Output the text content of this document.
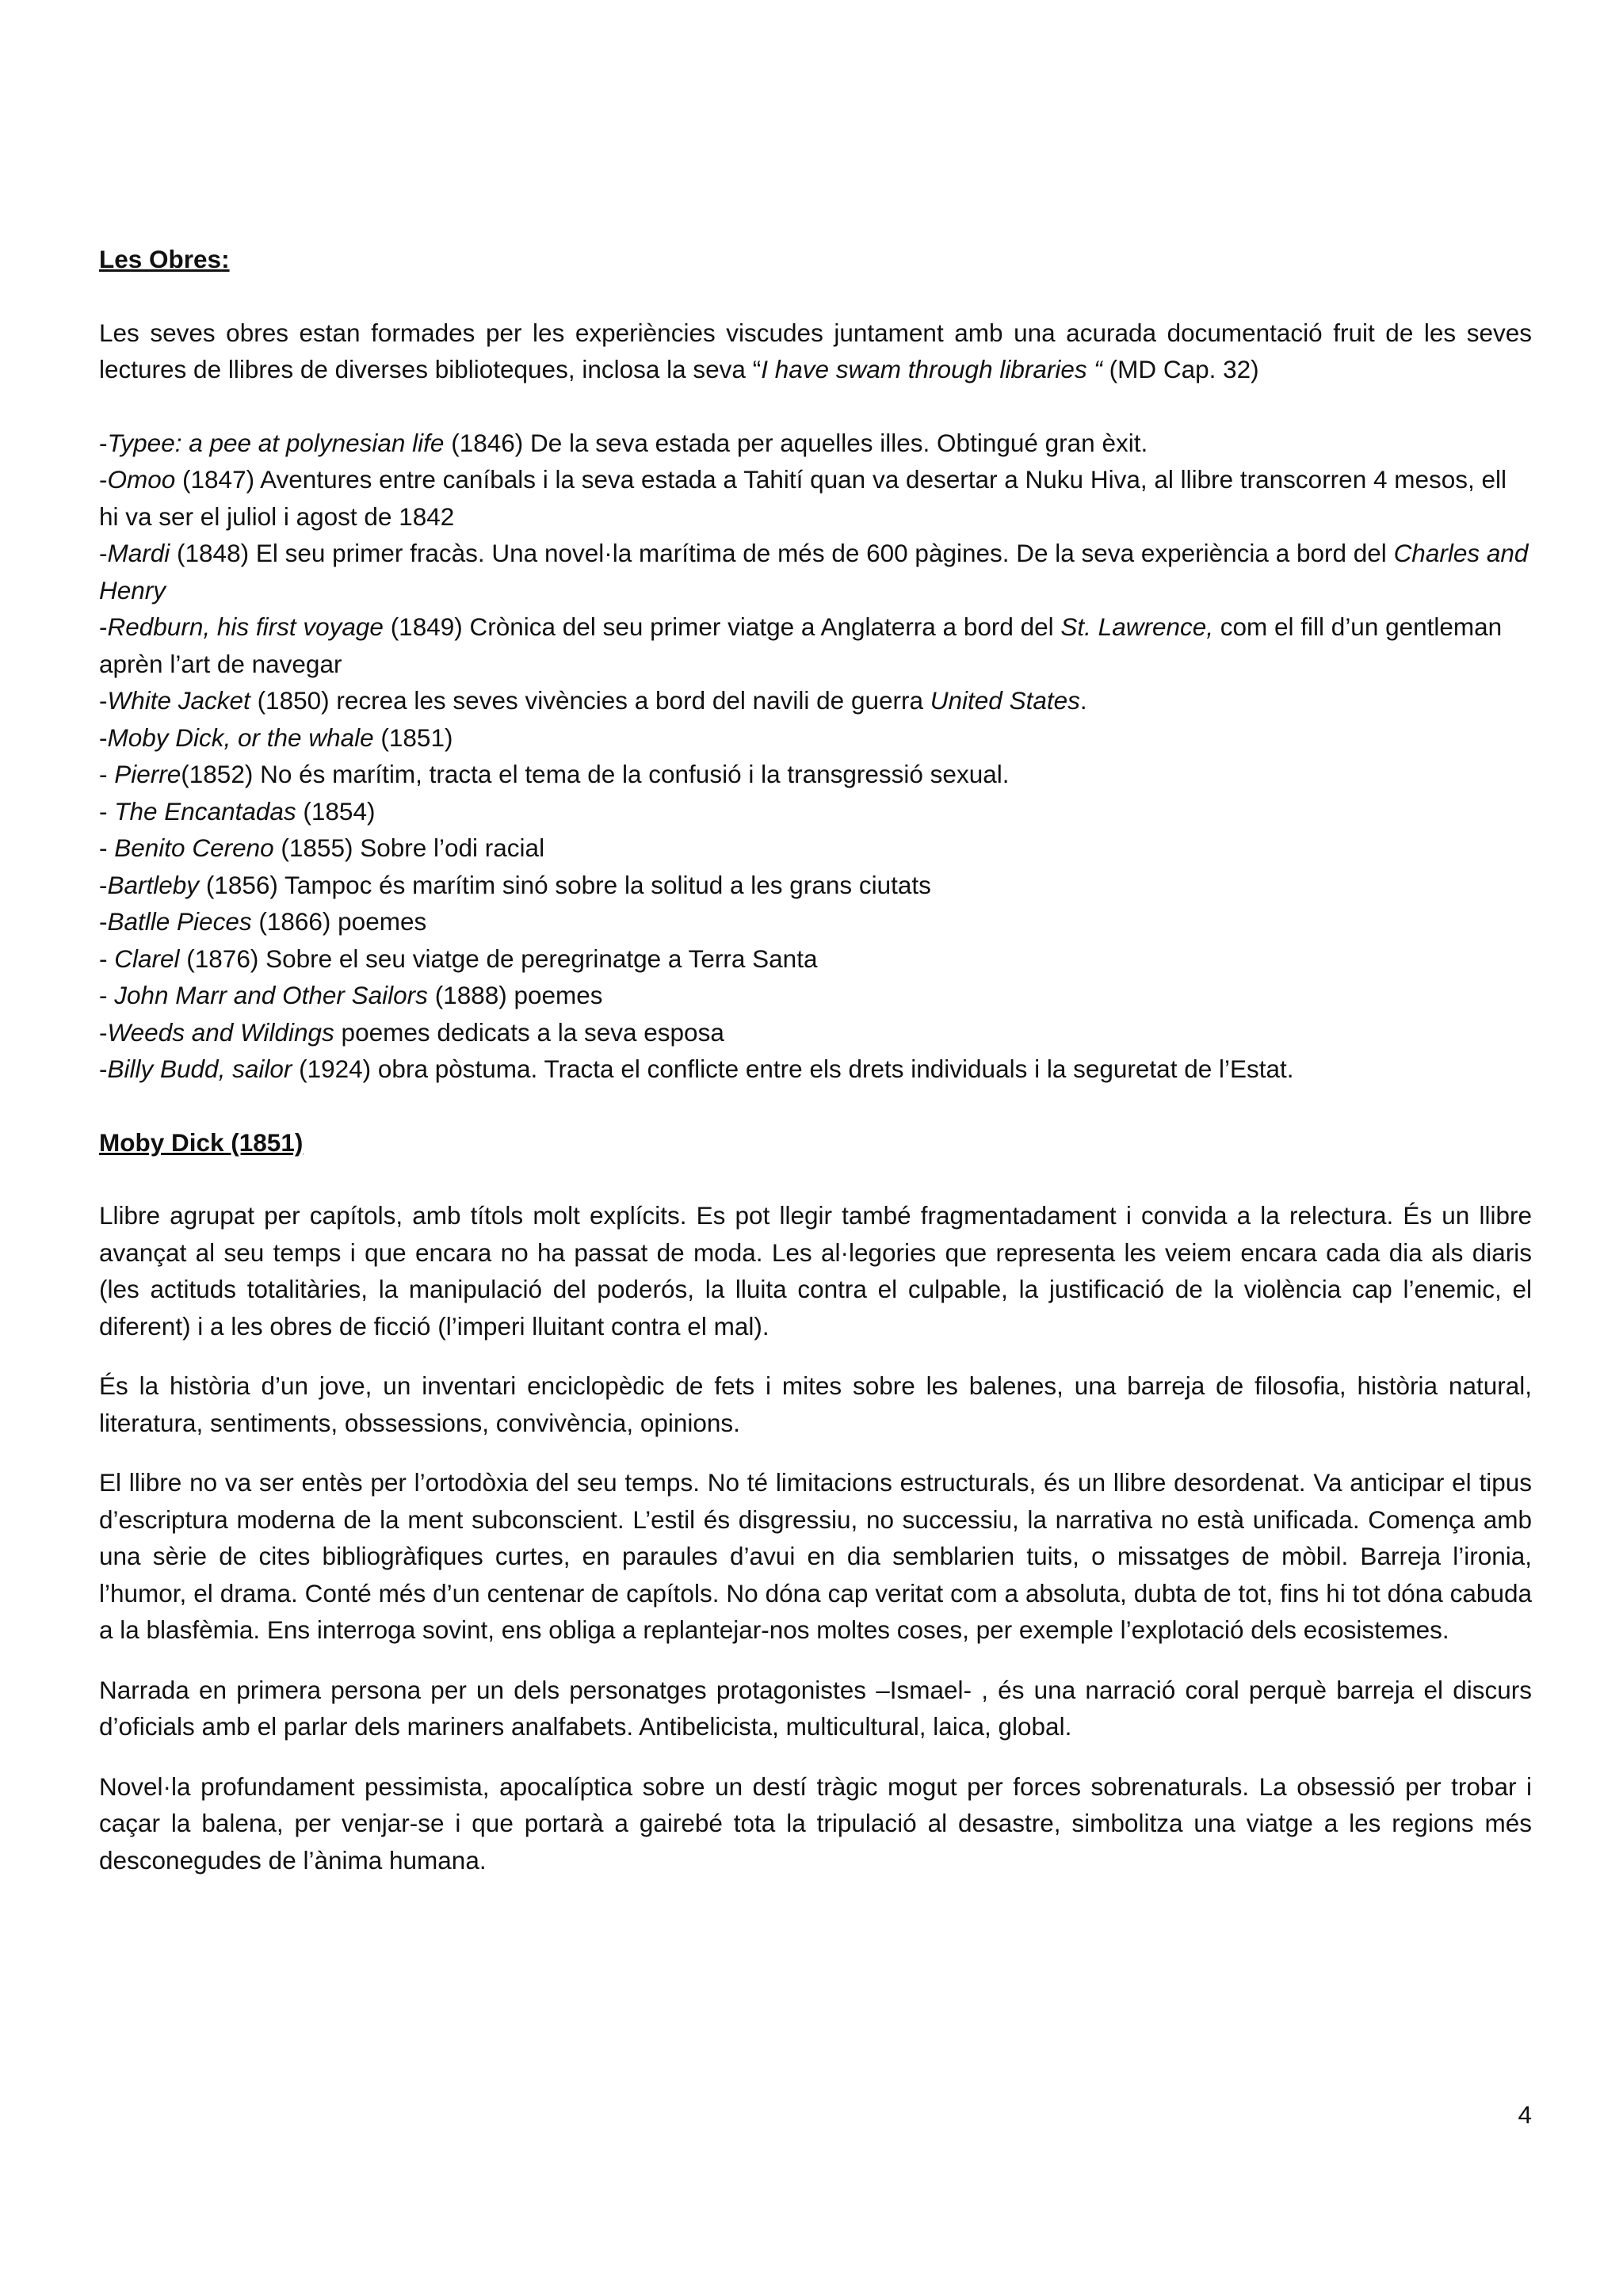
Les Obres:

Les seves obres estan formades per les experiències viscudes juntament amb una acurada documentació fruit de les seves lectures de llibres de diverses biblioteques, inclosa la seva “I have swam through libraries “ (MD Cap. 32)

-Typee: a pee at polynesian life (1846) De la seva estada per aquelles illes. Obtingué gran èxit.

-Omoo (1847) Aventures entre caníbals i la seva estada a Tahití quan va desertar a Nuku Hiva, al llibre transcorren 4 mesos, ell hi va ser el juliol i agost de 1842

-Mardi (1848) El seu primer fracàs. Una novel·la marítima de més de 600 pàgines. De la seva experiència a bord del Charles and Henry

-Redburn, his first voyage (1849) Crònica del seu primer viatge a Anglaterra a bord del St. Lawrence, com el fill d’un gentleman aprèn l’art de navegar

-White Jacket (1850) recrea les seves vivències a bord del navili de guerra United States.

-Moby Dick, or the whale (1851)

- Pierre(1852) No és marítim, tracta el tema de la confusió i la transgressió sexual.

- The Encantadas (1854)

- Benito Cereno (1855) Sobre l’odi racial

-Bartleby (1856) Tampoc és marítim sinó sobre la solitud a les grans ciutats

-Batlle Pieces (1866) poemes

- Clarel (1876) Sobre el seu viatge de peregrinatge a Terra Santa

- John Marr and Other Sailors (1888) poemes

-Weeds and Wildings poemes dedicats a la seva esposa

-Billy Budd, sailor (1924) obra pòstuma. Tracta el conflicte entre els drets individuals i la seguretat de l’Estat.

Moby Dick (1851)

Llibre agrupat per capítols, amb títols molt explícits. Es pot llegir també fragmentadament i convida a la relectura. És un llibre avançat al seu temps i que encara no ha passat de moda. Les al·legories que representa les veiem encara cada dia als diaris (les actituds totalitàries, la manipulació del poderós, la lluita contra el culpable, la justificació de la violència cap l’enemic, el diferent) i a les obres de ficció (l’imperi lluitant contra el mal).

És la història d’un jove, un inventari enciclopèdic de fets i mites sobre les balenes, una barreja de filosofia, història natural, literatura, sentiments, obssessions, convivència, opinions.

El llibre no va ser entès per l’ortodòxia del seu temps. No té limitacions estructurals, és un llibre desordenat. Va anticipar el tipus d’escriptura moderna de la ment subconscient. L’estil és disgressiu, no successiu, la narrativa no està unificada. Comença amb una sèrie de cites bibliogràfiques curtes, en paraules d’avui en dia semblarien tuits, o missatges de mòbil. Barreja l’ironia, l’humor, el drama. Conté més d’un centenar de capítols. No dóna cap veritat com a absoluta, dubta de tot, fins hi tot dóna cabuda a la blasfèmia. Ens interroga sovint, ens obliga a replantejar-nos moltes coses, per exemple l’explotació dels ecosistemes.

Narrada en primera persona per un dels personatges protagonistes –Ismael- , és una narració coral perquè barreja el discurs d’oficials amb el parlar dels mariners analfabets. Antibelicista, multicultural, laica, global.

Novel·la profundament pessimista, apocalíptica sobre un destí tràgic mogut per forces sobrenaturals. La obsessió per trobar i caçar la balena, per venjar-se i que portarà a gairebé tota la tripulació al desastre, simbolitza una viatge a les regions més desconegudes de l’ànima humana.

4
